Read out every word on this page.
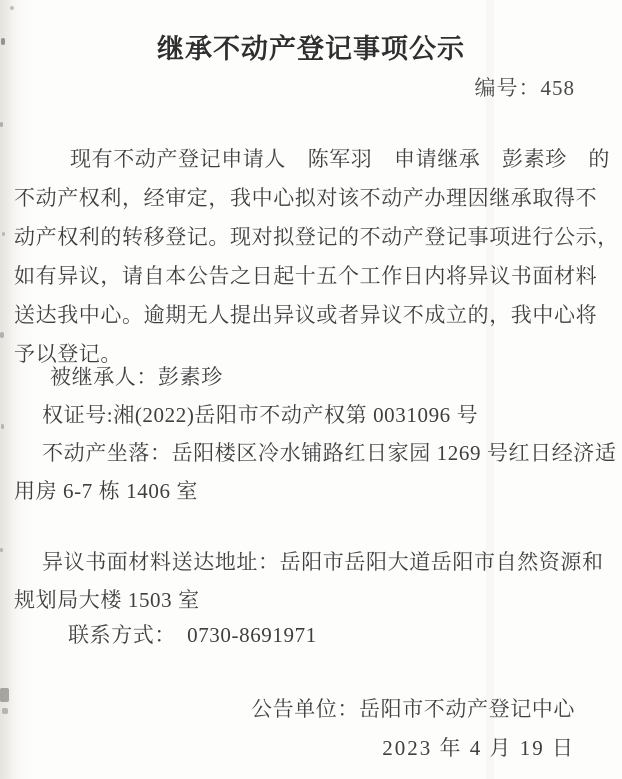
继承不动产登记事项公示
编号：458
现有不动产登记申请人　陈军羽　申请继承　彭素珍　的
不动产权利，经审定，我中心拟对该不动产办理因继承取得不
动产权利的转移登记。现对拟登记的不动产登记事项进行公示，
如有异议，请自本公告之日起十五个工作日内将异议书面材料
送达我中心。逾期无人提出异议或者异议不成立的，我中心将
予以登记。
被继承人：彭素珍
权证号:湘(2022)岳阳市不动产权第 0031096 号
不动产坐落：岳阳楼区冷水铺路红日家园 1269 号红日经济适
用房 6-7 栋 1406 室
异议书面材料送达地址：岳阳市岳阳大道岳阳市自然资源和
规划局大楼 1503 室
联系方式：　0730-8691971
公告单位：岳阳市不动产登记中心
2023 年 4 月 19 日
